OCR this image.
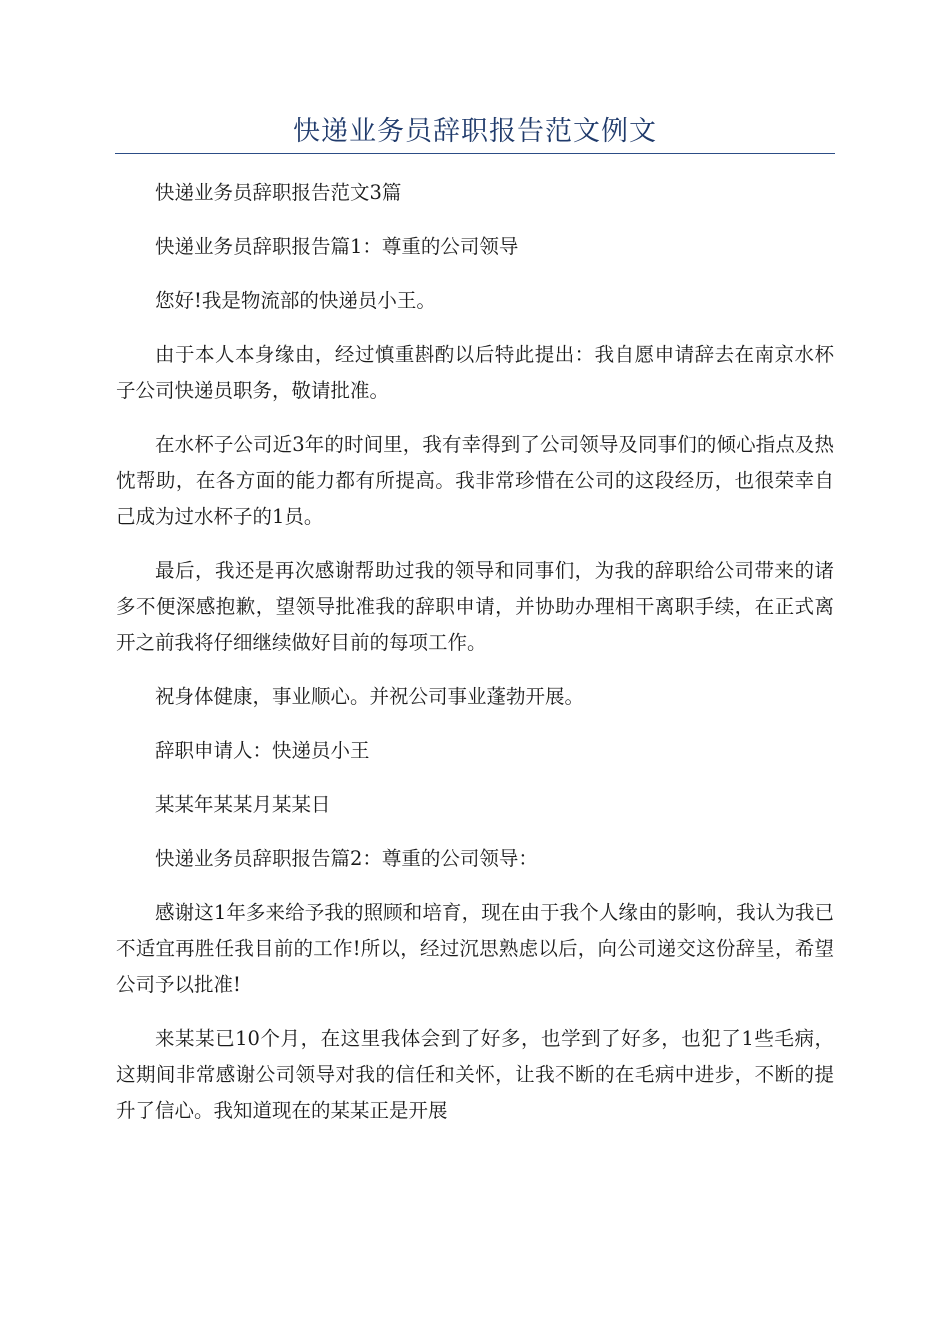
快递业务员辞职报告范文例文

快递业务员辞职报告范文3篇

快递业务员辞职报告篇1：尊重的公司领导

您好!我是物流部的快递员小王。

由于本人本身缘由，经过慎重斟酌以后特此提出：我自愿申请辞去在南京水杯子公司快递员职务，敬请批准。

在水杯子公司近3年的时间里，我有幸得到了公司领导及同事们的倾心指点及热忱帮助，在各方面的能力都有所提高。我非常珍惜在公司的这段经历，也很荣幸自己成为过水杯子的1员。

最后，我还是再次感谢帮助过我的领导和同事们，为我的辞职给公司带来的诸多不便深感抱歉，望领导批准我的辞职申请，并协助办理相干离职手续，在正式离开之前我将仔细继续做好目前的每项工作。

祝身体健康，事业顺心。并祝公司事业蓬勃开展。

辞职申请人：快递员小王

某某年某某月某某日

快递业务员辞职报告篇2：尊重的公司领导：

感谢这1年多来给予我的照顾和培育，现在由于我个人缘由的影响，我认为我已不适宜再胜任我目前的工作!所以，经过沉思熟虑以后，向公司递交这份辞呈，希望公司予以批准!

来某某已10个月，在这里我体会到了好多，也学到了好多，也犯了1些毛病，这期间非常感谢公司领导对我的信任和关怀，让我不断的在毛病中进步，不断的提升了信心。我知道现在的某某正是开展
